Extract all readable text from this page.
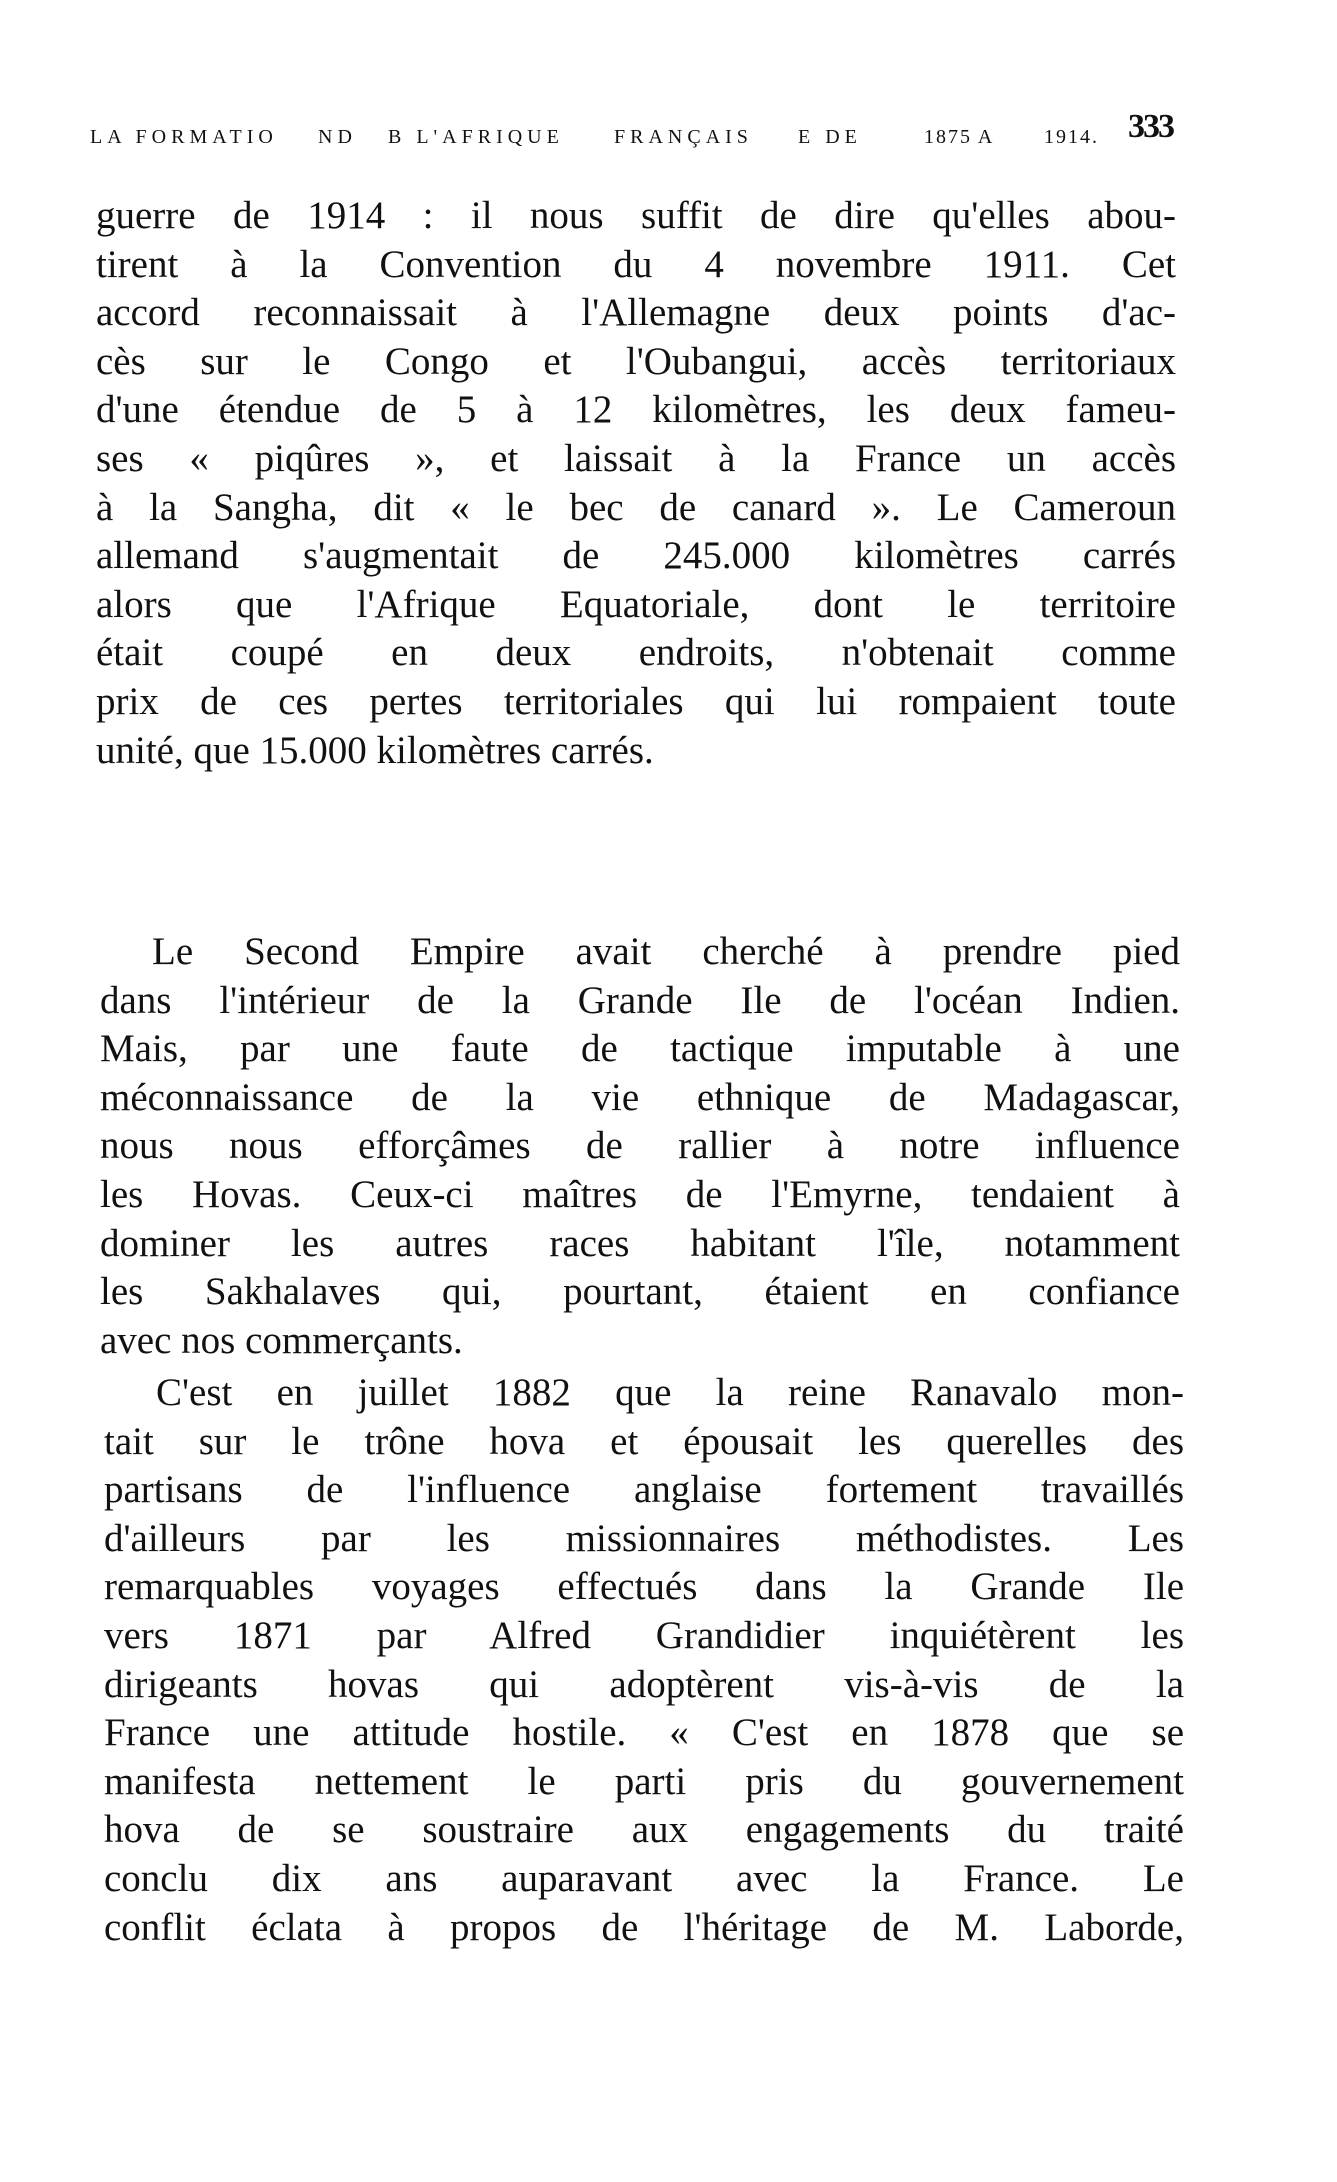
LA FORMATIO ND B L'AFRIQUE	FRANÇAIS E DE	1875 A 1914. 333
guerre de 1914 : il nous suffit de dire qu'elles abou-
tirent à la Convention du 4 novembre 1911. Cet
accord reconnaissait à l'Allemagne deux points d'ac-
cès sur le Congo et l'Oubangui, accès territoriaux
d'une étendue de 5 à 12 kilomètres, les deux fameu-
ses « piqûres », et laissait à la France un accès
à la Sangha, dit « le bec de canard ». Le Cameroun
allemand s'augmentait de 245.000 kilomètres carrés
alors que l'Afrique Equatoriale, dont le territoire
était coupé en deux endroits, n'obtenait comme
prix de ces pertes territoriales qui lui rompaient toute
unité, que 15.000 kilomètres carrés.
Le Second Empire avait cherché à prendre pied
dans l'intérieur de la Grande Ile de l'océan Indien.
Mais, par une faute de tactique imputable à une
méconnaissance de la vie ethnique de Madagascar,
nous nous efforçâmes de rallier à notre influence
les Hovas. Ceux-ci maîtres de l'Emyrne, tendaient à
dominer les autres races habitant l'île, notamment
les Sakhalaves qui, pourtant, étaient en confiance
avec nos commerçants.
C'est en juillet 1882 que la reine Ranavalo mon-
tait sur le trône hova et épousait les querelles des
partisans de l'influence anglaise fortement travaillés
d'ailleurs par les missionnaires méthodistes. Les
remarquables voyages effectués dans la Grande Ile
vers 1871 par Alfred Grandidier inquiétèrent les
dirigeants hovas qui adoptèrent vis-à-vis de la
France une attitude hostile. « C'est en 1878 que se
manifesta nettement le parti pris du gouvernement
hova de se soustraire aux engagements du traité
conclu dix ans auparavant avec la France. Le
conflit éclata à propos de l'héritage de M. Laborde,
